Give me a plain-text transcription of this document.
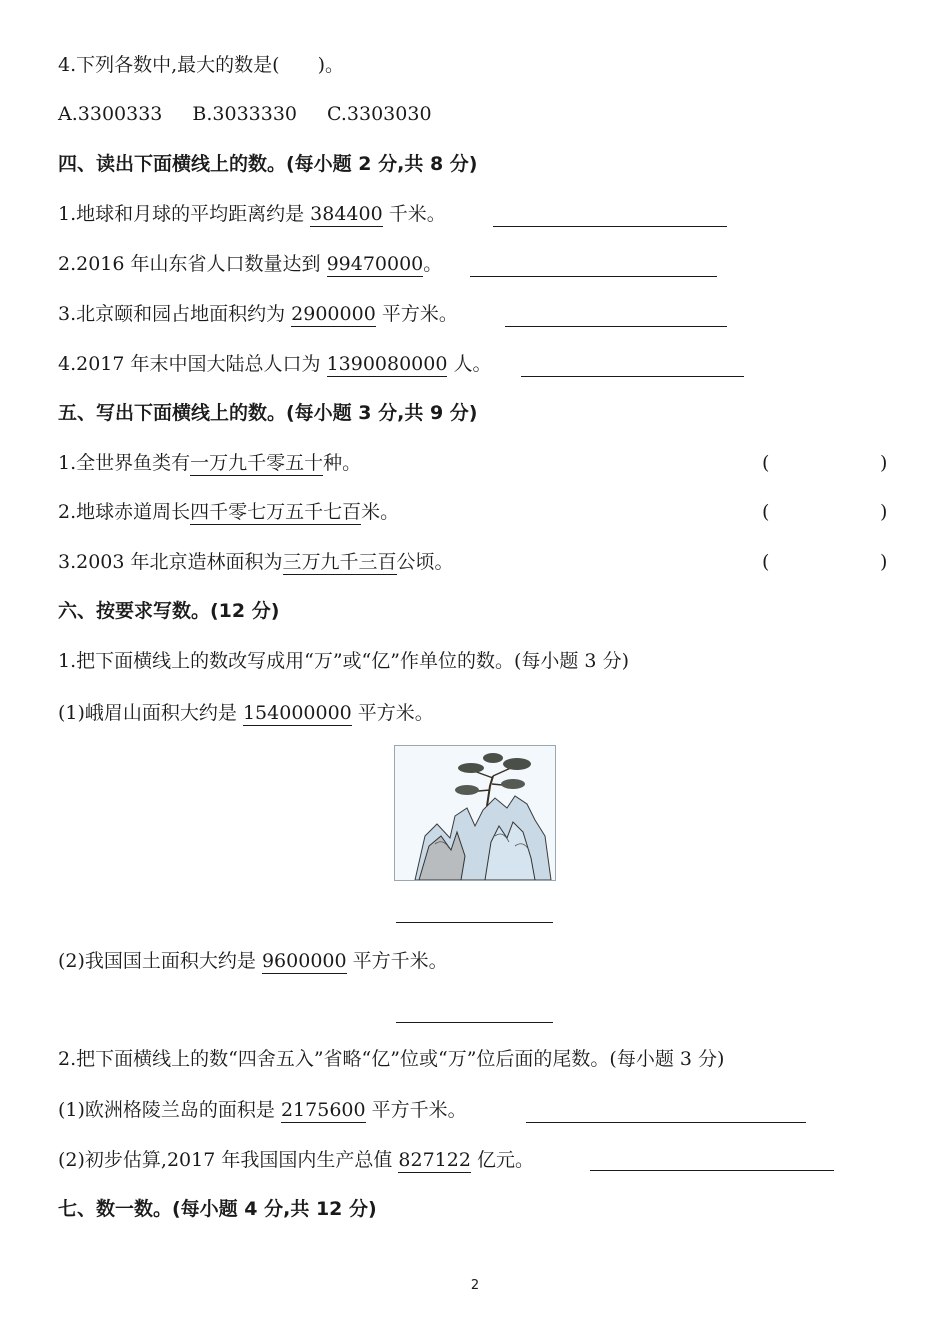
4.下列各数中,最大的数是(　　)。
A.3300333 B.3033330 C.3303030
四、读出下面横线上的数。(每小题 2 分,共 8 分)
1.地球和月球的平均距离约是 384400 千米。
2.2016 年山东省人口数量达到 99470000。
3.北京颐和园占地面积约为 2900000 平方米。
4.2017 年末中国大陆总人口为 1390080000 人。
五、写出下面横线上的数。(每小题 3 分,共 9 分)
1.全世界鱼类有一万九千零五十种。	(	)
2.地球赤道周长四千零七万五千七百米。	(	)
3.2003 年北京造林面积为三万九千三百公顷。	(	)
六、按要求写数。(12 分)
1.把下面横线上的数改写成用“万”或“亿”作单位的数。(每小题 3 分)
(1)峨眉山面积大约是 154000000 平方米。
(2)我国国土面积大约是 9600000 平方千米。
2.把下面横线上的数“四舍五入”省略“亿”位或“万”位后面的尾数。(每小题 3 分)
(1)欧洲格陵兰岛的面积是 2175600 平方千米。
(2)初步估算,2017 年我国国内生产总值 827122 亿元。
七、数一数。(每小题 4 分,共 12 分)
2
